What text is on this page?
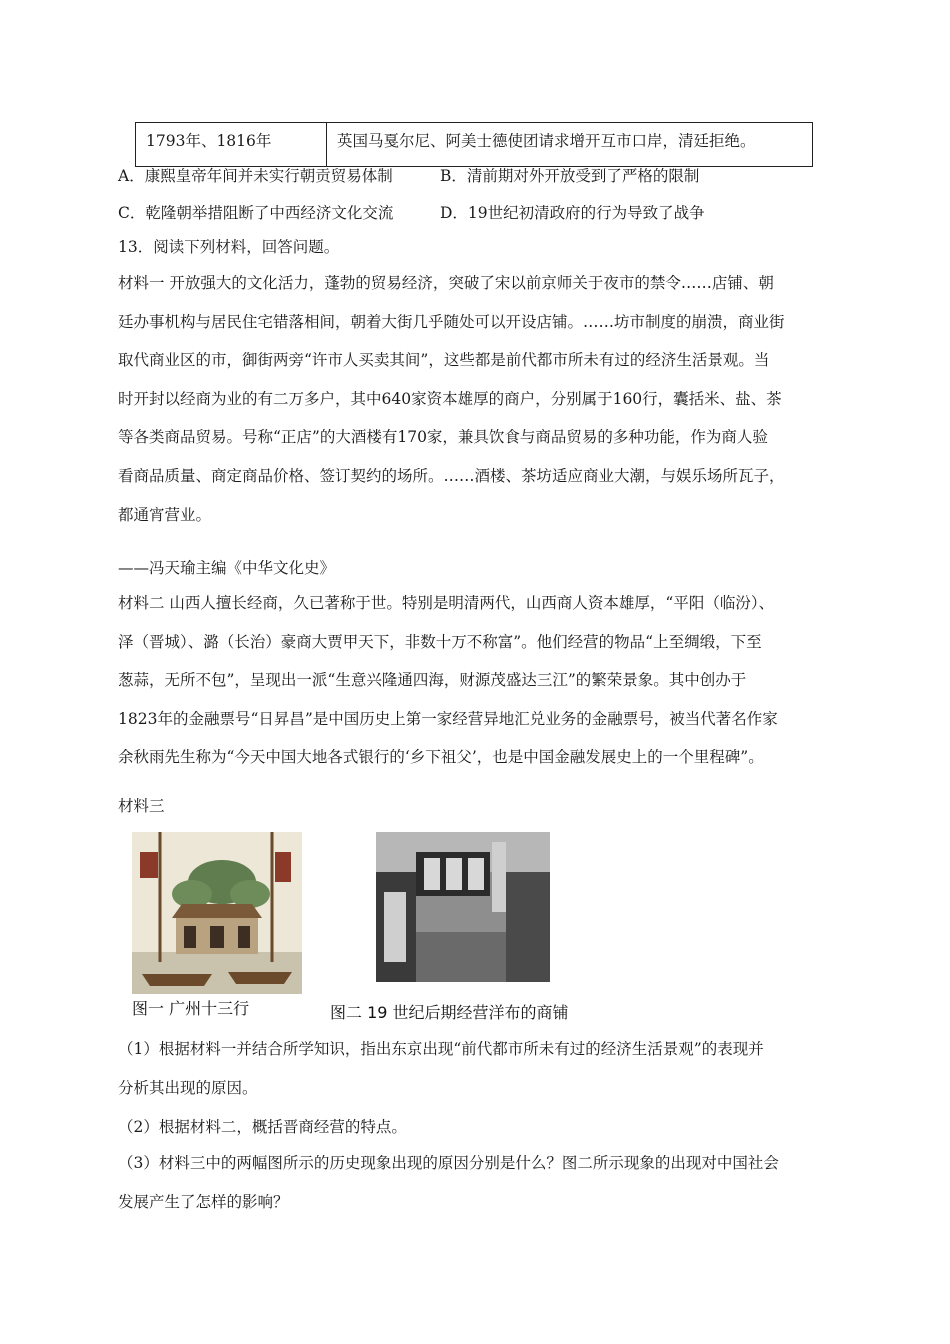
1793年、1816年	英国马戛尔尼、阿美士德使团请求增开互市口岸，清廷拒绝。
A．康熙皇帝年间并未实行朝贡贸易体制	B．清前期对外开放受到了严格的限制
C．乾隆朝举措阻断了中西经济文化交流	D．19世纪初清政府的行为导致了战争
13．阅读下列材料，回答问题。
材料一 开放强大的文化活力，蓬勃的贸易经济，突破了宋以前京师关于夜市的禁令……店铺、朝
廷办事机构与居民住宅错落相间，朝着大街几乎随处可以开设店铺。……坊市制度的崩溃，商业街
取代商业区的市，御街两旁“许市人买卖其间”，这些都是前代都市所未有过的经济生活景观。当
时开封以经商为业的有二万多户，其中640家资本雄厚的商户，分别属于160行，囊括米、盐、茶
等各类商品贸易。号称“正店”的大酒楼有170家，兼具饮食与商品贸易的多种功能，作为商人验
看商品质量、商定商品价格、签订契约的场所。……酒楼、茶坊适应商业大潮，与娱乐场所瓦子，
都通宵营业。
——冯天瑜主编《中华文化史》
材料二 山西人擅长经商，久已著称于世。特别是明清两代，山西商人资本雄厚，“平阳（临汾）、
泽（晋城）、潞（长治）豪商大贾甲天下，非数十万不称富”。他们经营的物品“上至绸缎，下至
葱蒜，无所不包”，呈现出一派“生意兴隆通四海，财源茂盛达三江”的繁荣景象。其中创办于
1823年的金融票号“日昇昌”是中国历史上第一家经营异地汇兑业务的金融票号，被当代著名作家
余秋雨先生称为“今天中国大地各式银行的‘乡下祖父’，也是中国金融发展史上的一个里程碑”。
材料三
图一 广州十三行	图二 19 世纪后期经营洋布的商铺
（1）根据材料一并结合所学知识，指出东京出现“前代都市所未有过的经济生活景观”的表现并
分析其出现的原因。
（2）根据材料二，概括晋商经营的特点。
（3）材料三中的两幅图所示的历史现象出现的原因分别是什么？图二所示现象的出现对中国社会
发展产生了怎样的影响？
